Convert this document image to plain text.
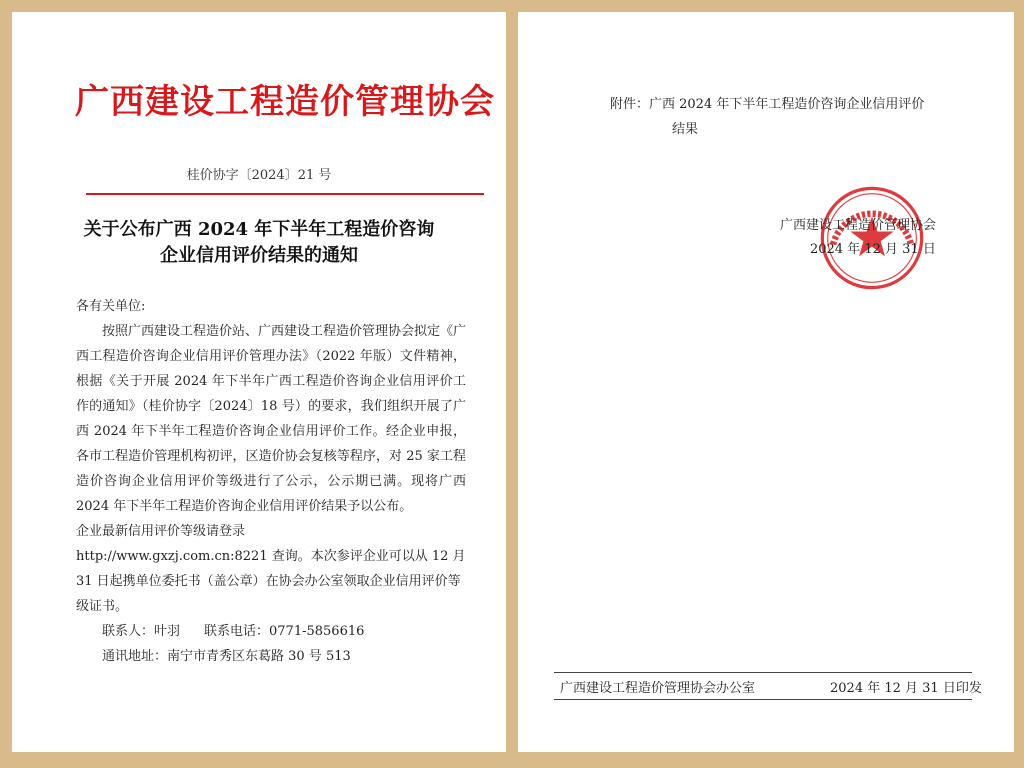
广西建设工程造价管理协会
桂价协字〔2024〕21 号
关于公布广西 2024 年下半年工程造价咨询
企业信用评价结果的通知

各有关单位:

按照广西建设工程造价站、广西建设工程造价管理协会拟定《广西工程造价咨询企业信用评价管理办法》（2022 年版）文件精神，根据《关于开展 2024 年下半年广西工程造价咨询企业信用评价工作的通知》（桂价协字〔2024〕18 号）的要求，我们组织开展了广西 2024 年下半年工程造价咨询企业信用评价工作。经企业申报，各市工程造价管理机构初评，区造价协会复核等程序，对 25 家工程造价咨询企业信用评价等级进行了公示，公示期已满。现将广西 2024 年下半年工程造价咨询企业信用评价结果予以公布。

企业最新信用评价等级请登录

http://www.gxzj.com.cn:8221 查询。本次参评企业可以从 12 月 31 日起携单位委托书（盖公章）在协会办公室领取企业信用评价等级证书。

联系人：叶羽 联系电话：0771-5856616

通讯地址：南宁市青秀区东葛路 30 号 513

附件：广西 2024 年下半年工程造价咨询企业信用评价
结果
广西建设工程造价管理协会
2024 年 12 月 31 日
广西建设工程造价管理协会办公室	2024 年 12 月 31 日印发
